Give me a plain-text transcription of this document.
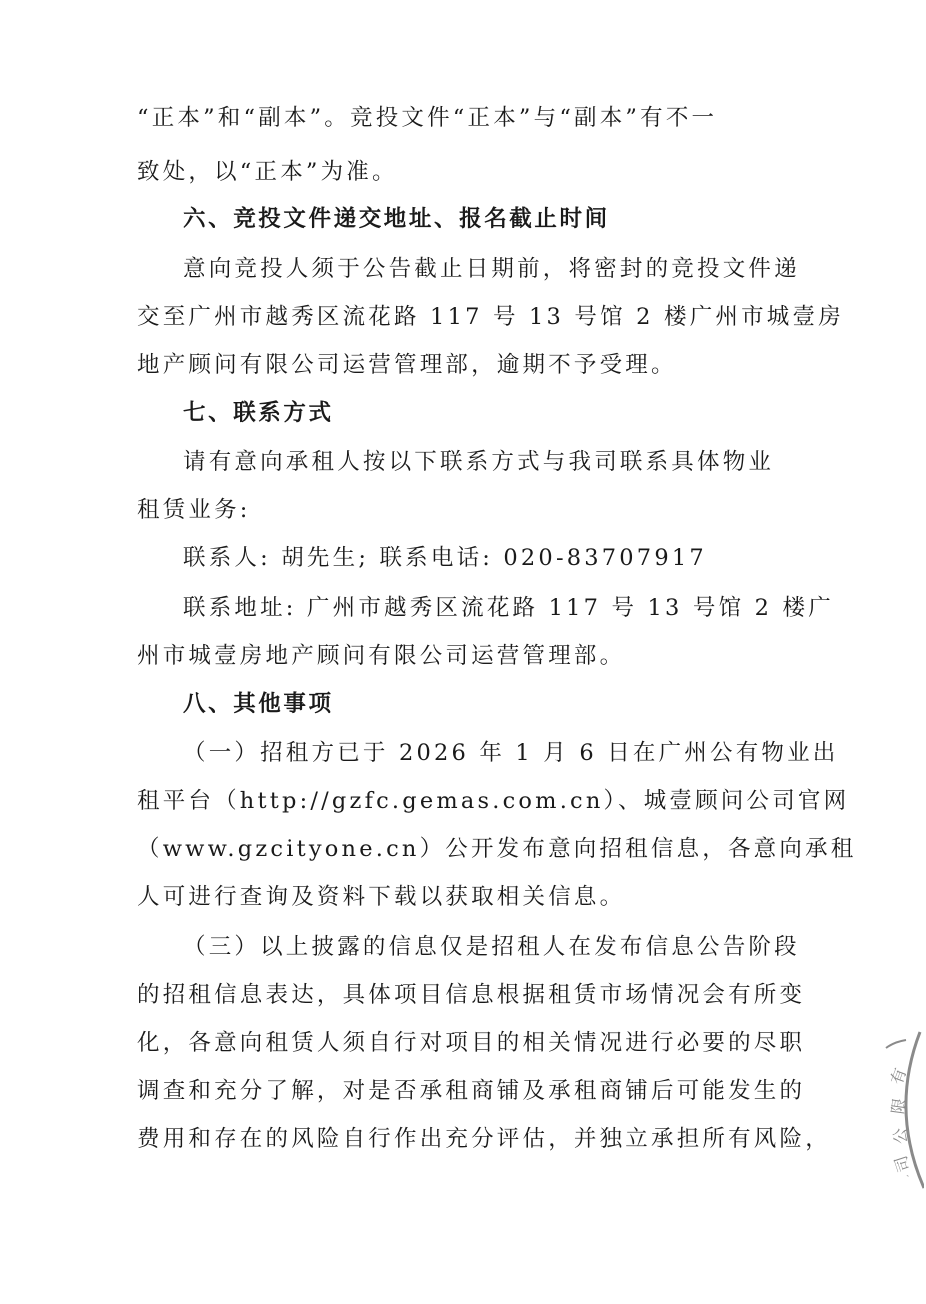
“正本”和“副本”。竞投文件“正本”与“副本”有不一
致处，以“正本”为准。
六、竞投文件递交地址、报名截止时间
意向竞投人须于公告截止日期前，将密封的竞投文件递
交至广州市越秀区流花路 117 号 13 号馆 2 楼广州市城壹房
地产顾问有限公司运营管理部，逾期不予受理。
七、联系方式
请有意向承租人按以下联系方式与我司联系具体物业
租赁业务:
联系人: 胡先生; 联系电话: 020-83707917
联系地址: 广州市越秀区流花路 117 号 13 号馆 2 楼广
州市城壹房地产顾问有限公司运营管理部。
八、其他事项
（一）招租方已于 2026 年 1 月 6 日在广州公有物业出
租平台（http://gzfc.gemas.com.cn）、城壹顾问公司官网
（www.gzcityone.cn）公开发布意向招租信息，各意向承租
人可进行查询及资料下载以获取相关信息。
（三）以上披露的信息仅是招租人在发布信息公告阶段
的招租信息表达，具体项目信息根据租赁市场情况会有所变
化，各意向租赁人须自行对项目的相关情况进行必要的尽职
调查和充分了解，对是否承租商铺及承租商铺后可能发生的
费用和存在的风险自行作出充分评估，并独立承担所有风险，
有
限
公
司
'
